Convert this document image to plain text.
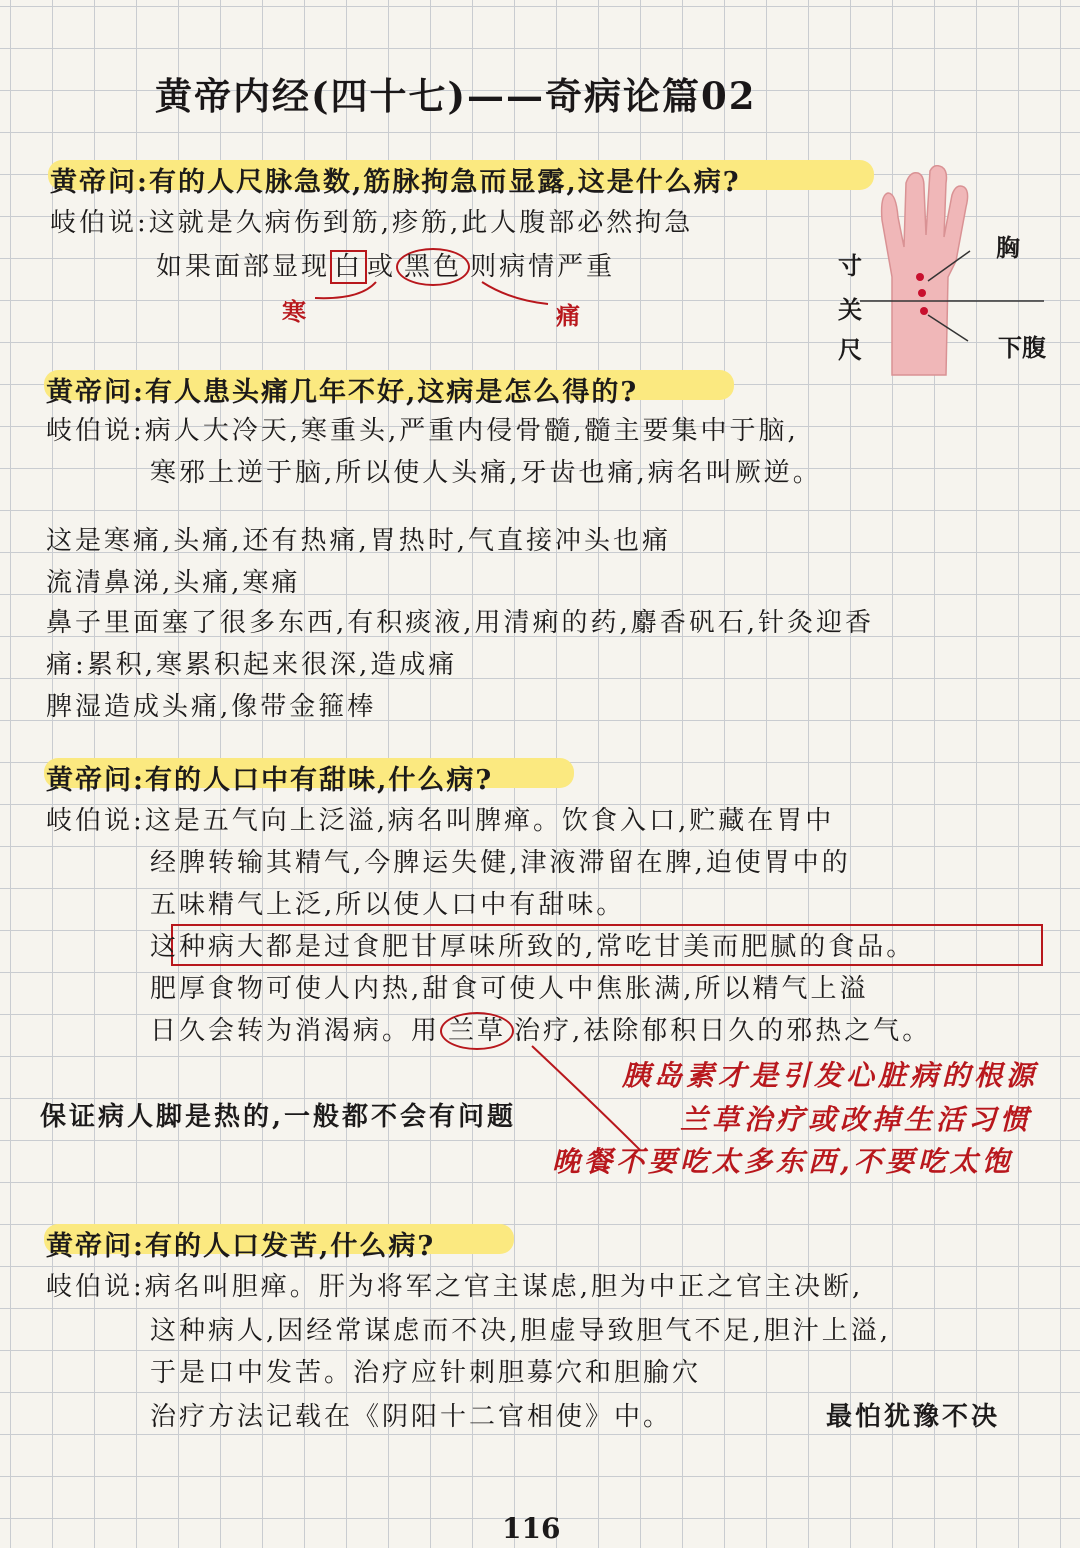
黄帝内经(四十七)——奇病论篇02
黄帝问:有的人尺脉急数,筋脉拘急而显露,这是什么病?
岐伯说:这就是久病伤到筋,疹筋,此人腹部必然拘急
如果面部显现 白 或 黑色 则病情严重
寒	痛
寸
关
尺
胸
下腹
黄帝问:有人患头痛几年不好,这病是怎么得的?
岐伯说:病人大冷天,寒重头,严重内侵骨髓,髓主要集中于脑,
寒邪上逆于脑,所以使人头痛,牙齿也痛,病名叫厥逆。
这是寒痛,头痛,还有热痛,胃热时,气直接冲头也痛
流清鼻涕,头痛,寒痛
鼻子里面塞了很多东西,有积痰液,用清痢的药,麝香矾石,针灸迎香
痛:累积,寒累积起来很深,造成痛
脾湿造成头痛,像带金箍棒
黄帝问:有的人口中有甜味,什么病?
岐伯说:这是五气向上泛溢,病名叫脾瘅。饮食入口,贮藏在胃中
经脾转输其精气,今脾运失健,津液滞留在脾,迫使胃中的
五味精气上泛,所以使人口中有甜味。
这种病大都是过食肥甘厚味所致的,常吃甘美而肥腻的食品。
肥厚食物可使人内热,甜食可使人中焦胀满,所以精气上溢
日久会转为消渴病。用 兰草 治疗,祛除郁积日久的邪热之气。
胰岛素才是引发心脏病的根源
保证病人脚是热的,一般都不会有问题	兰草治疗或改掉生活习惯
晚餐不要吃太多东西,不要吃太饱
黄帝问:有的人口发苦,什么病?
岐伯说:病名叫胆瘅。肝为将军之官主谋虑,胆为中正之官主决断,
这种病人,因经常谋虑而不决,胆虚导致胆气不足,胆汁上溢,
于是口中发苦。治疗应针刺胆募穴和胆腧穴
治疗方法记载在《阴阳十二官相使》中。	最怕犹豫不决
116
